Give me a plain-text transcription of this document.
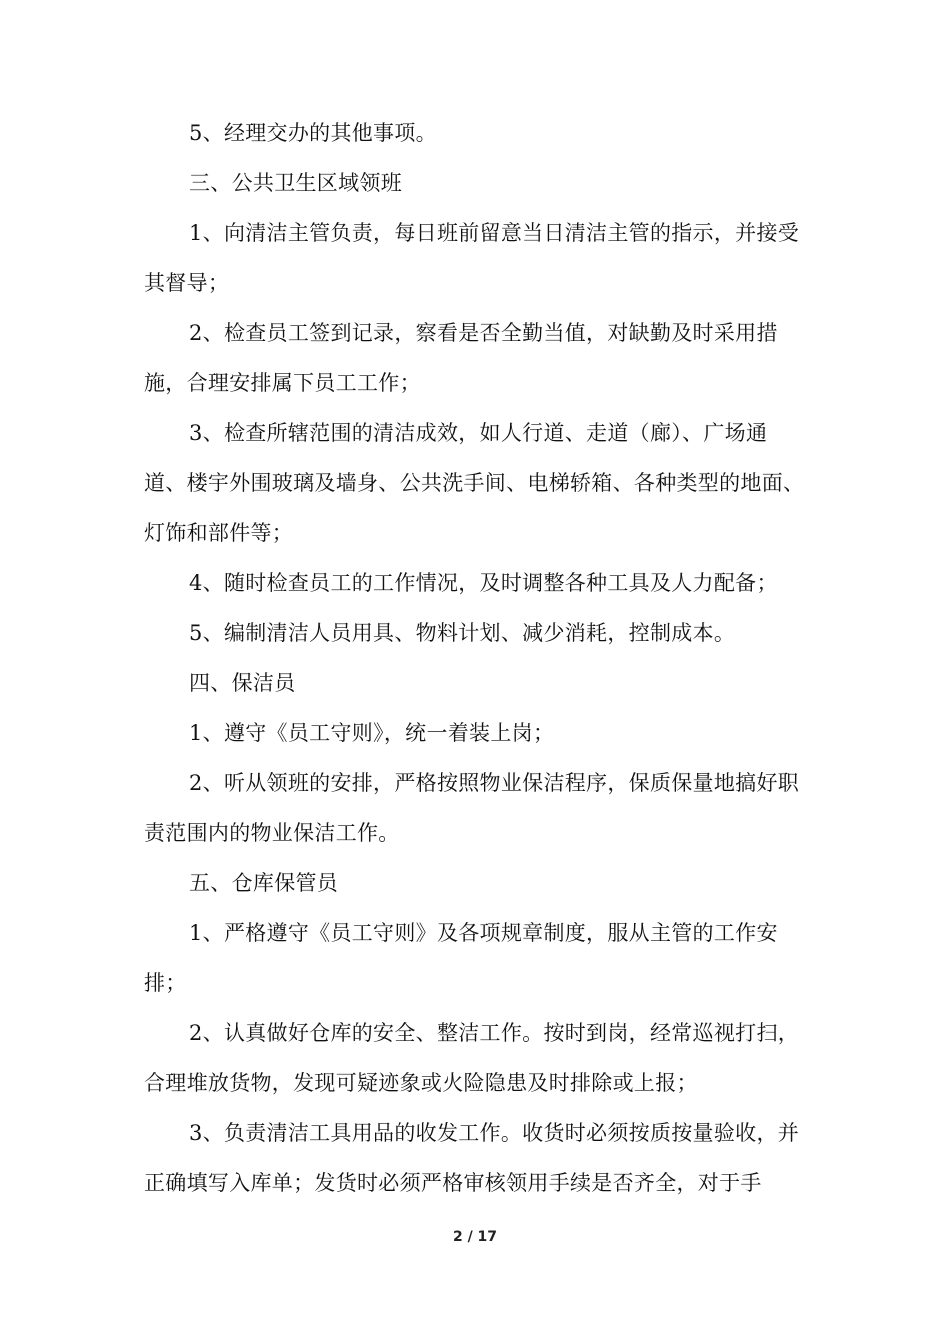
5、经理交办的其他事项。

三、公共卫生区域领班

1、向清洁主管负责，每日班前留意当日清洁主管的指示，并接受其督导；

2、检查员工签到记录，察看是否全勤当值，对缺勤及时采用措施，合理安排属下员工工作；

3、检查所辖范围的清洁成效，如人行道、走道（廊）、广场通道、楼宇外围玻璃及墙身、公共洗手间、电梯轿箱、各种类型的地面、灯饰和部件等；

4、随时检查员工的工作情况，及时调整各种工具及人力配备；

5、编制清洁人员用具、物料计划、减少消耗，控制成本。

四、保洁员

1、遵守《员工守则》，统一着装上岗；

2、听从领班的安排，严格按照物业保洁程序，保质保量地搞好职责范围内的物业保洁工作。

五、仓库保管员

1、严格遵守《员工守则》及各项规章制度，服从主管的工作安排；

2、认真做好仓库的安全、整洁工作。按时到岗，经常巡视打扫，合理堆放货物，发现可疑迹象或火险隐患及时排除或上报；

3、负责清洁工具用品的收发工作。收货时必须按质按量验收，并正确填写入库单；发货时必须严格审核领用手续是否齐全，对于手

2 / 17
